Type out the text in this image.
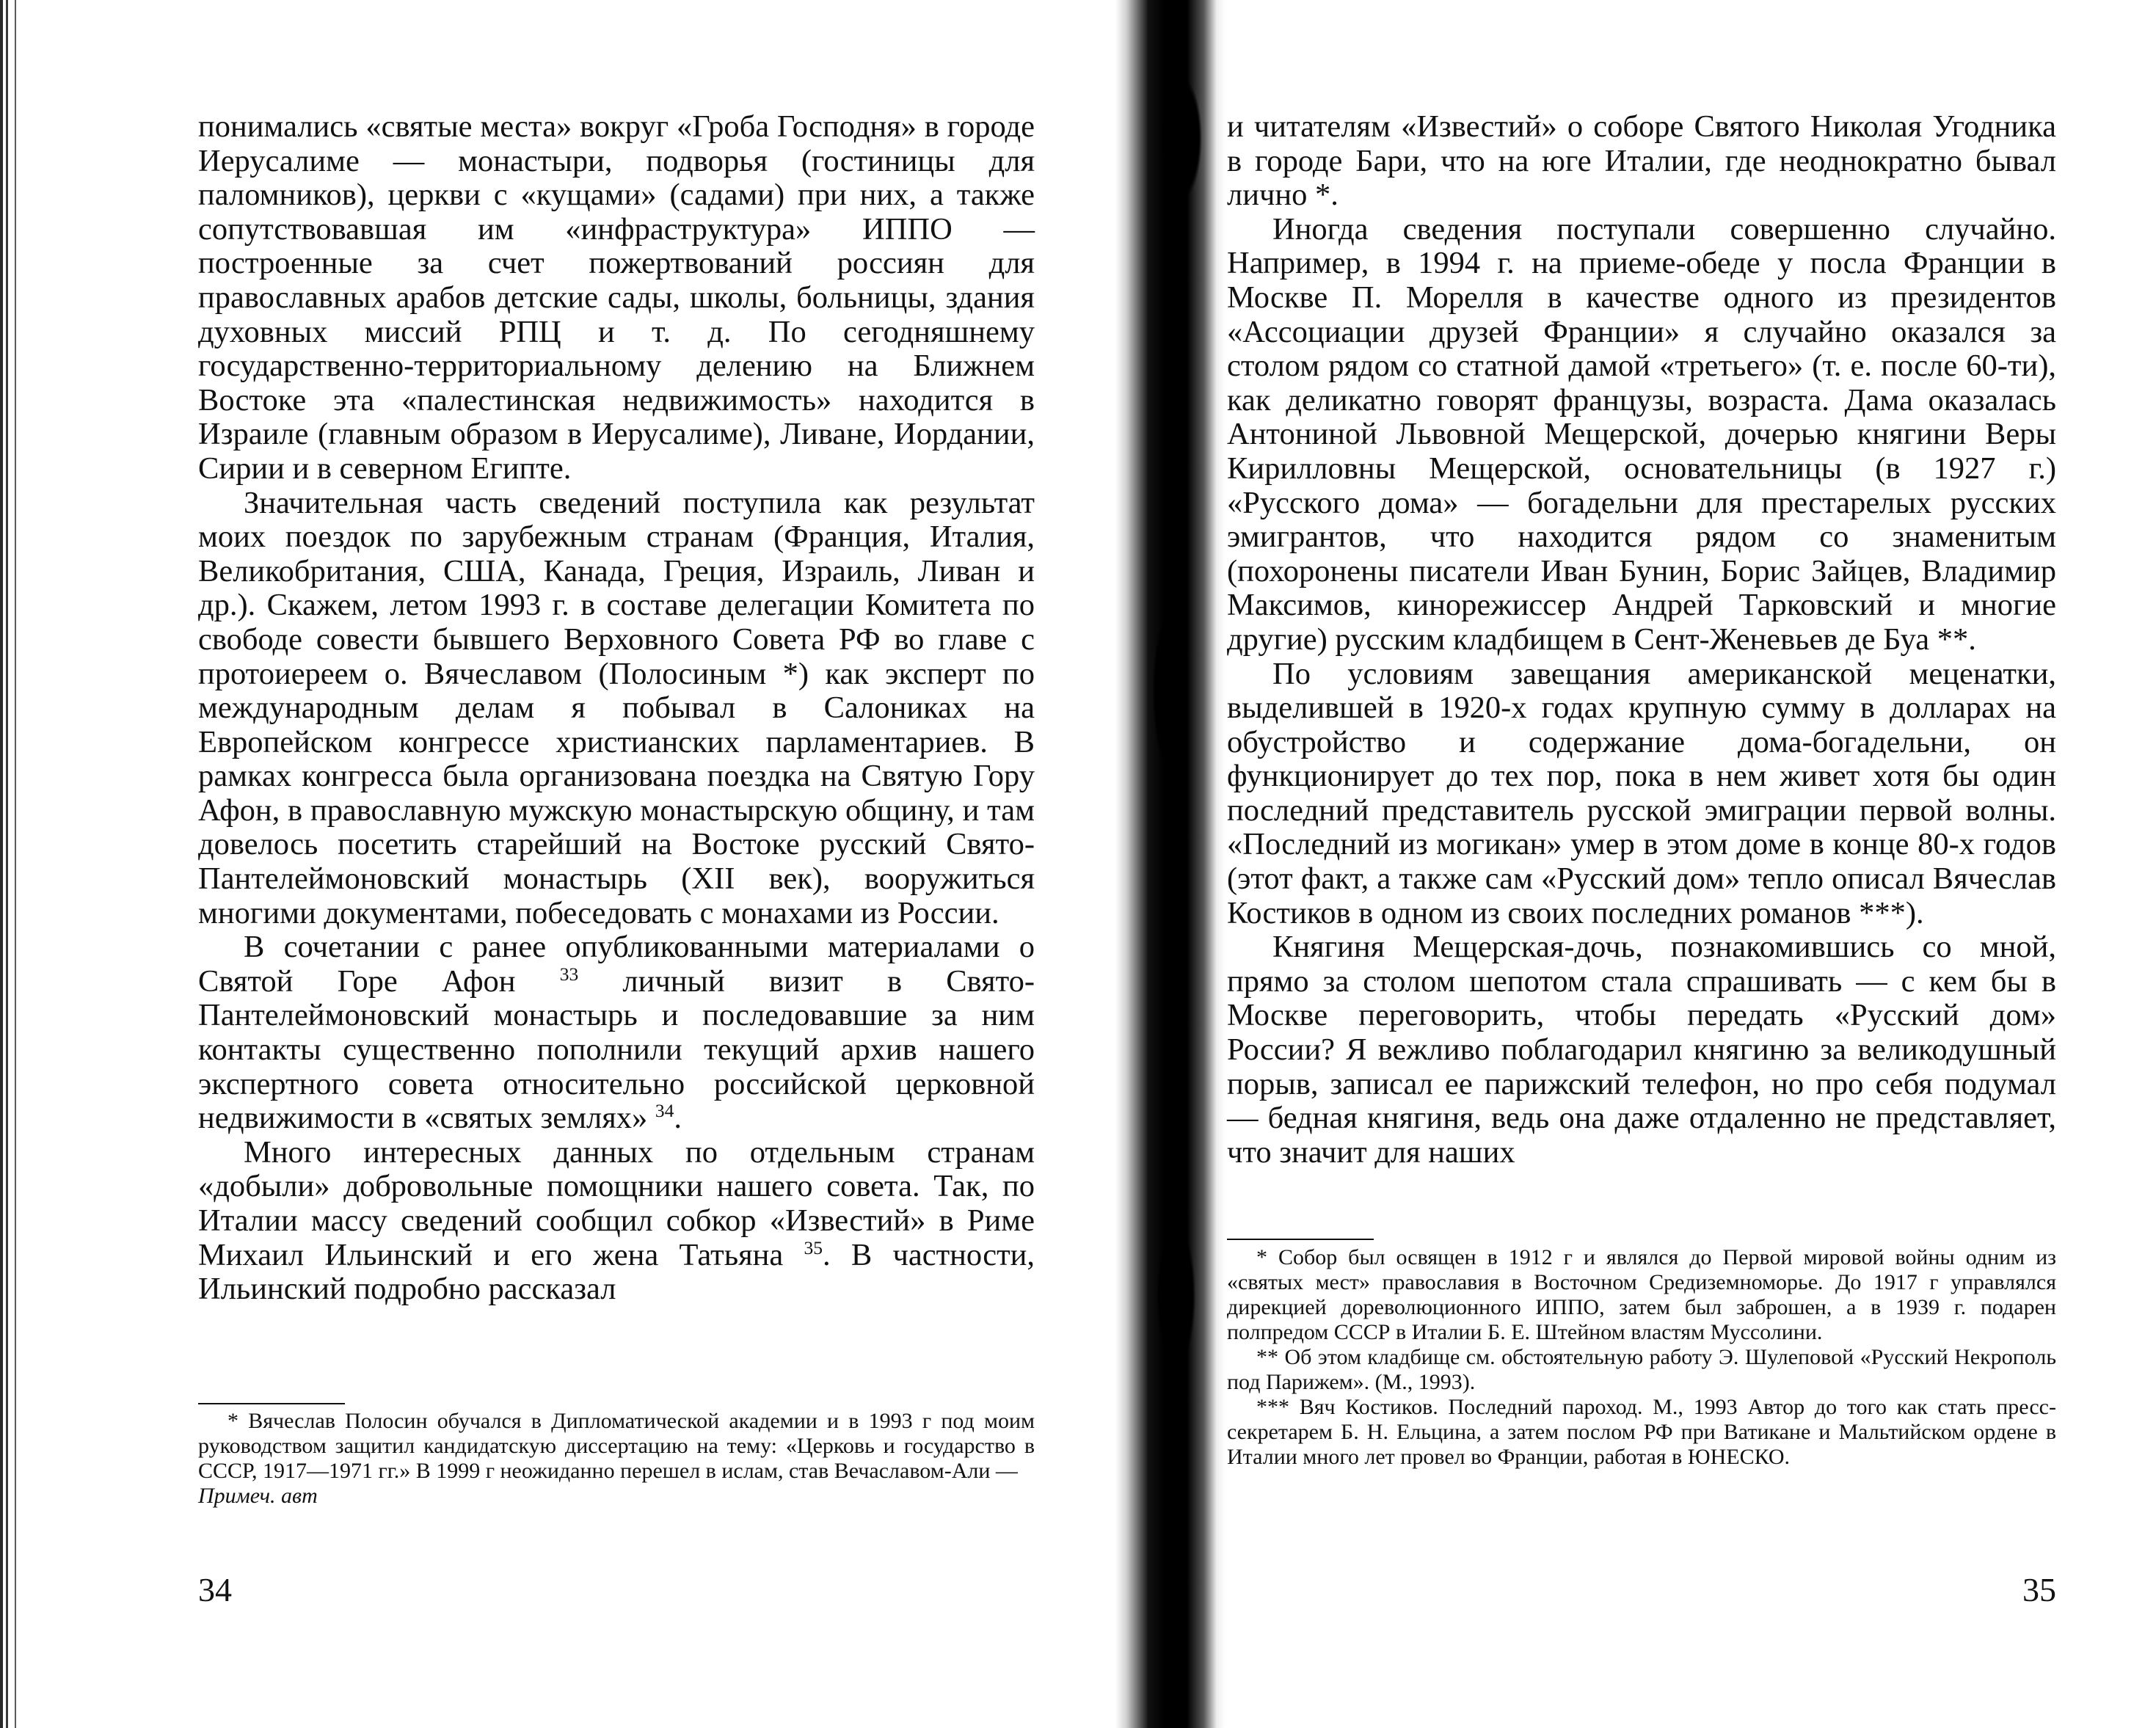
понимались «святые места» вокруг «Гроба Господня» в городе Иерусалиме — монастыри, подворья (гостиницы для паломников), церкви с «кущами» (садами) при них, а также сопутствовавшая им «инфраструктура» ИППО — построенные за счет пожертвований россиян для православных арабов детские сады, школы, больницы, здания духовных миссий РПЦ и т. д. По сегодняшнему государственно-территориальному делению на Ближнем Востоке эта «палестинская недвижимость» находится в Израиле (главным образом в Иерусалиме), Ливане, Иордании, Сирии и в северном Египте.

Значительная часть сведений поступила как результат моих поездок по зарубежным странам (Франция, Италия, Великобритания, США, Канада, Греция, Израиль, Ливан и др.). Скажем, летом 1993 г. в составе делегации Комитета по свободе совести бывшего Верховного Совета РФ во главе с протоиереем о. Вячеславом (Полосиным *) как эксперт по международным делам я побывал в Салониках на Европейском конгрессе христианских парламентариев. В рамках конгресса была организована поездка на Святую Гору Афон, в православную мужскую монастырскую общину, и там довелось посетить старейший на Востоке русский Свято-Пантелеймоновский монастырь (XII век), вооружиться многими документами, побеседовать с монахами из России.

В сочетании с ранее опубликованными материалами о Святой Горе Афон $^{33}$ личный визит в Свято-Пантелеймоновский монастырь и последовавшие за ним контакты существенно пополнили текущий архив нашего экспертного совета относительно российской церковной недвижимости в «святых землях» $^{34}$.

Много интересных данных по отдельным странам «добыли» добровольные помощники нашего совета. Так, по Италии массу сведений сообщил собкор «Известий» в Риме Михаил Ильинский и его жена Татьяна $^{35}$. В частности, Ильинский подробно рассказал

* Вячеслав Полосин обучался в Дипломатической академии и в 1993 г под моим руководством защитил кандидатскую диссертацию на тему: «Церковь и государство в СССР, 1917—1971 гг.» В 1999 г неожиданно перешел в ислам, став Вечаславом-Али —

Примеч. авт

34

и читателям «Известий» о соборе Святого Николая Угодника в городе Бари, что на юге Италии, где неоднократно бывал лично *.

Иногда сведения поступали совершенно случайно. Например, в 1994 г. на приеме-обеде у посла Франции в Москве П. Морелля в качестве одного из президентов «Ассоциации друзей Франции» я случайно оказался за столом рядом со статной дамой «третьего» (т. е. после 60-ти), как деликатно говорят французы, возраста. Дама оказалась Антониной Львовной Мещерской, дочерью княгини Веры Кирилловны Мещерской, основательницы (в 1927 г.) «Русского дома» — богадельни для престарелых русских эмигрантов, что находится рядом со знаменитым (похоронены писатели Иван Бунин, Борис Зайцев, Владимир Максимов, кинорежиссер Андрей Тарковский и многие другие) русским кладбищем в Сент-Женевьев де Буа **.

По условиям завещания американской меценатки, выделившей в 1920-х годах крупную сумму в долларах на обустройство и содержание дома-богадельни, он функционирует до тех пор, пока в нем живет хотя бы один последний представитель русской эмиграции первой волны. «Последний из могикан» умер в этом доме в конце 80-х годов (этот факт, а также сам «Русский дом» тепло описал Вячеслав Костиков в одном из своих последних романов ***).

Княгиня Мещерская-дочь, познакомившись со мной, прямо за столом шепотом стала спрашивать — с кем бы в Москве переговорить, чтобы передать «Русский дом» России? Я вежливо поблагодарил княгиню за великодушный порыв, записал ее парижский телефон, но про себя подумал — бедная княгиня, ведь она даже отдаленно не представляет, что значит для наших

* Собор был освящен в 1912 г и являлся до Первой мировой войны одним из «святых мест» православия в Восточном Средиземноморье. До 1917 г управлялся дирекцией дореволюционного ИППО, затем был заброшен, а в 1939 г. подарен полпредом СССР в Италии Б. Е. Штейном властям Муссолини.

** Об этом кладбище см. обстоятельную работу Э. Шулеповой «Русский Некрополь под Парижем». (М., 1993).

*** Вяч Костиков. Последний пароход. М., 1993 Автор до того как стать пресс-секретарем Б. Н. Ельцина, а затем послом РФ при Ватикане и Мальтийском ордене в Италии много лет провел во Франции, работая в ЮНЕСКО.

35
